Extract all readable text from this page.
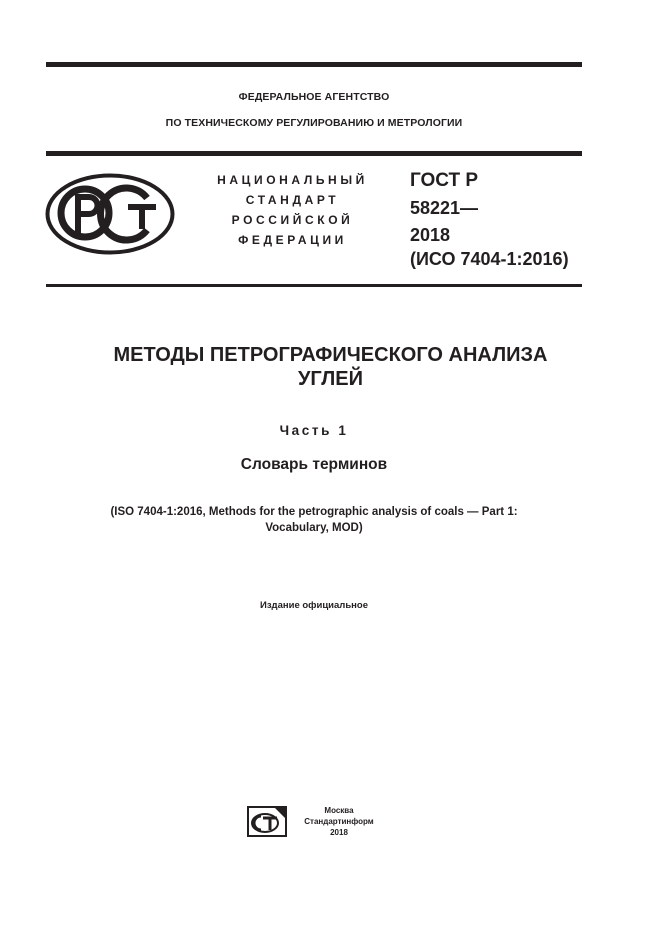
ФЕДЕРАЛЬНОЕ АГЕНТСТВО
ПО ТЕХНИЧЕСКОМУ РЕГУЛИРОВАНИЮ И МЕТРОЛОГИИ
НАЦИОНАЛЬНЫЙ
СТАНДАРТ
РОССИЙСКОЙ
ФЕДЕРАЦИИ
ГОСТ Р
58221—
2018
(ИСО 7404-1:2016)
МЕТОДЫ ПЕТРОГРАФИЧЕСКОГО АНАЛИЗА
УГЛЕЙ
Часть 1
Словарь терминов
(ISO 7404-1:2016, Methods for the petrographic analysis of coals — Part 1:
Vocabulary, MOD)
Издание официальное
Москва
Стандартинформ
2018
